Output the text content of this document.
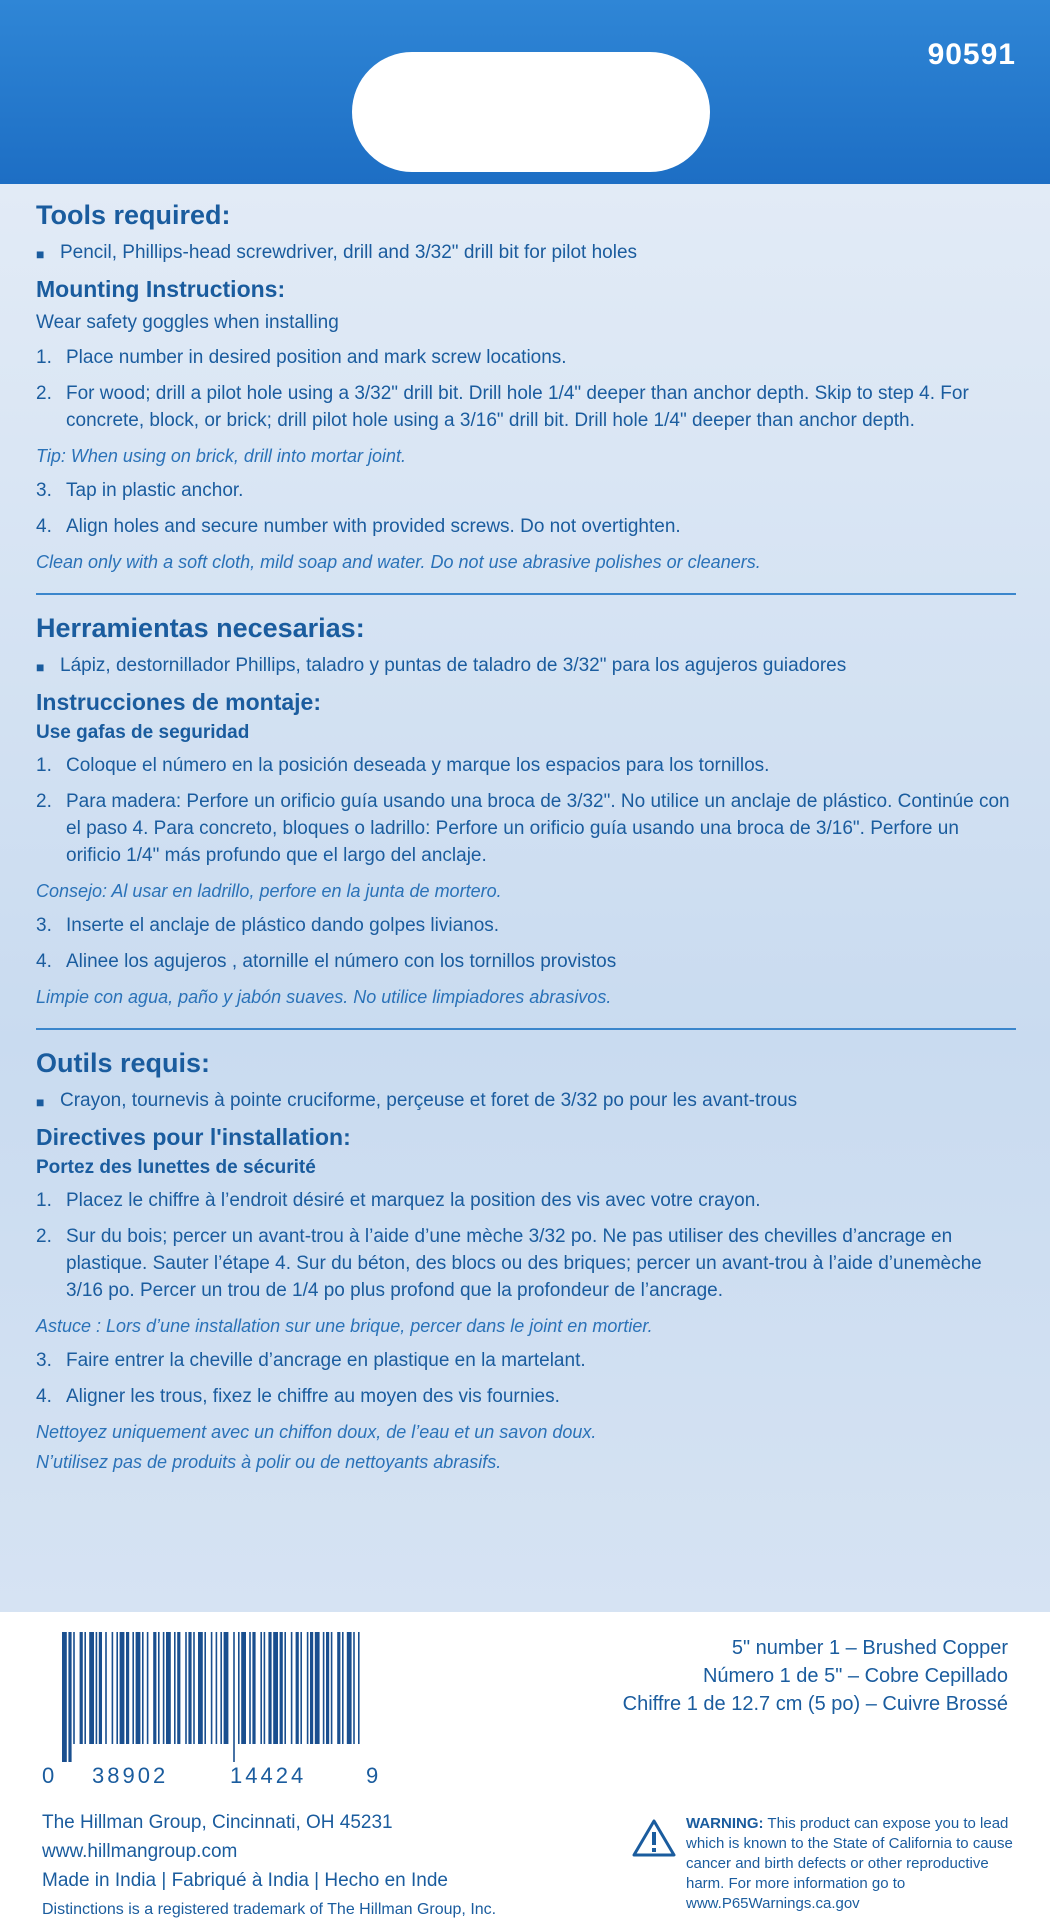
90591
Tools required:
■ Pencil, Phillips-head screwdriver, drill and 3/32" drill bit for pilot holes
Mounting Instructions:
Wear safety goggles when installing
1. Place number in desired position and mark screw locations.
2. For wood; drill a pilot hole using a 3/32" drill bit. Drill hole 1/4" deeper than anchor depth. Skip to step 4. For concrete, block, or brick; drill pilot hole using a 3/16" drill bit. Drill hole 1/4" deeper than anchor depth.
Tip: When using on brick, drill into mortar joint.
3. Tap in plastic anchor.
4. Align holes and secure number with provided screws. Do not overtighten.
Clean only with a soft cloth, mild soap and water. Do not use abrasive polishes or cleaners.
Herramientas necesarias:
■ Lápiz, destornillador Phillips, taladro y puntas de taladro de 3/32" para los agujeros guiadores
Instrucciones de montaje:
Use gafas de seguridad
1. Coloque el número en la posición deseada y marque los espacios para los tornillos.
2. Para madera: Perfore un orificio guía usando una broca de 3/32". No utilice un anclaje de plástico. Continúe con el paso 4. Para concreto, bloques o ladrillo: Perfore un orificio guía usando una broca de 3/16". Perfore un orificio 1/4" más profundo que el largo del anclaje.
Consejo: Al usar en ladrillo, perfore en la junta de mortero.
3. Inserte el anclaje de plástico dando golpes livianos.
4. Alinee los agujeros , atornille el número con los tornillos provistos
Limpie con agua, paño y jabón suaves. No utilice limpiadores abrasivos.
Outils requis:
■ Crayon, tournevis à pointe cruciforme, perçeuse et foret de 3/32 po pour les avant-trous
Directives pour l'installation:
Portez des lunettes de sécurité
1. Placez le chiffre à l’endroit désiré et marquez la position des vis avec votre crayon.
2. Sur du bois; percer un avant-trou à l’aide d’une mèche 3/32 po. Ne pas utiliser des chevilles d’ancrage en plastique. Sauter l’étape 4. Sur du béton, des blocs ou des briques; percer un avant-trou à l’aide d’unemèche 3/16 po. Percer un trou de 1/4 po plus profond que la profondeur de l’ancrage.
Astuce : Lors d’une installation sur une brique, percer dans le joint en mortier.
3. Faire entrer la cheville d’ancrage en plastique en la martelant.
4. Aligner les trous, fixez le chiffre au moyen des vis fournies.
Nettoyez uniquement avec un chiffon doux, de l’eau et un savon doux.
N’utilisez pas de produits à polir ou de nettoyants abrasifs.
0 38902	14424	9
5" number 1 – Brushed Copper
Número 1 de 5" – Cobre Cepillado
Chiffre 1 de 12.7 cm (5 po) – Cuivre Brossé
The Hillman Group, Cincinnati, OH 45231
www.hillmangroup.com
Made in India | Fabriqué à India | Hecho en Inde
Distinctions is a registered trademark of The Hillman Group, Inc.
WARNING: This product can expose you to lead which is known to the State of California to cause cancer and birth defects or other reproductive harm. For more information go to www.P65Warnings.ca.gov
